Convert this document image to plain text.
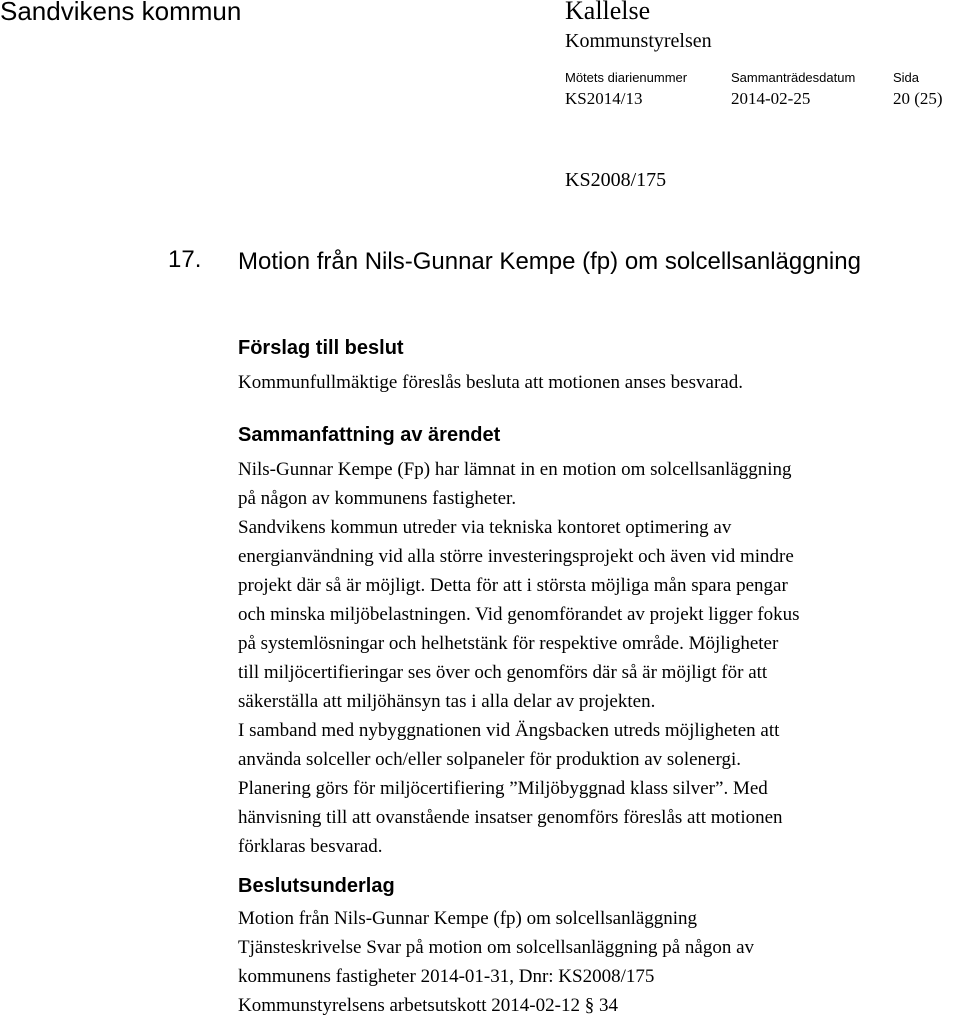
Sandvikens kommun	Kallelse
Kommunstyrelsen
Mötets diarienummer
KS2014/13
Sammanträdesdatum
2014-02-25
Sida
20 (25)
KS2008/175
17. Motion från Nils-Gunnar Kempe (fp) om solcellsanläggning
Förslag till beslut

Kommunfullmäktige föreslås besluta att motionen anses besvarad.

Sammanfattning av ärendet

Nils-Gunnar Kempe (Fp) har lämnat in en motion om solcellsanläggning

på någon av kommunens fastigheter.

Sandvikens kommun utreder via tekniska kontoret optimering av

energianvändning vid alla större investeringsprojekt och även vid mindre

projekt där så är möjligt. Detta för att i största möjliga mån spara pengar

och minska miljöbelastningen. Vid genomförandet av projekt ligger fokus

på systemlösningar och helhetstänk för respektive område. Möjligheter

till miljöcertifieringar ses över och genomförs där så är möjligt för att

säkerställa att miljöhänsyn tas i alla delar av projekten.

I samband med nybyggnationen vid Ängsbacken utreds möjligheten att

använda solceller och/eller solpaneler för produktion av solenergi.

Planering görs för miljöcertifiering ”Miljöbyggnad klass silver”. Med

hänvisning till att ovanstående insatser genomförs föreslås att motionen

förklaras besvarad.

Beslutsunderlag

Motion från Nils-Gunnar Kempe (fp) om solcellsanläggning

Tjänsteskrivelse Svar på motion om solcellsanläggning på någon av

kommunens fastigheter 2014-01-31, Dnr: KS2008/175

Kommunstyrelsens arbetsutskott 2014-02-12 § 34
